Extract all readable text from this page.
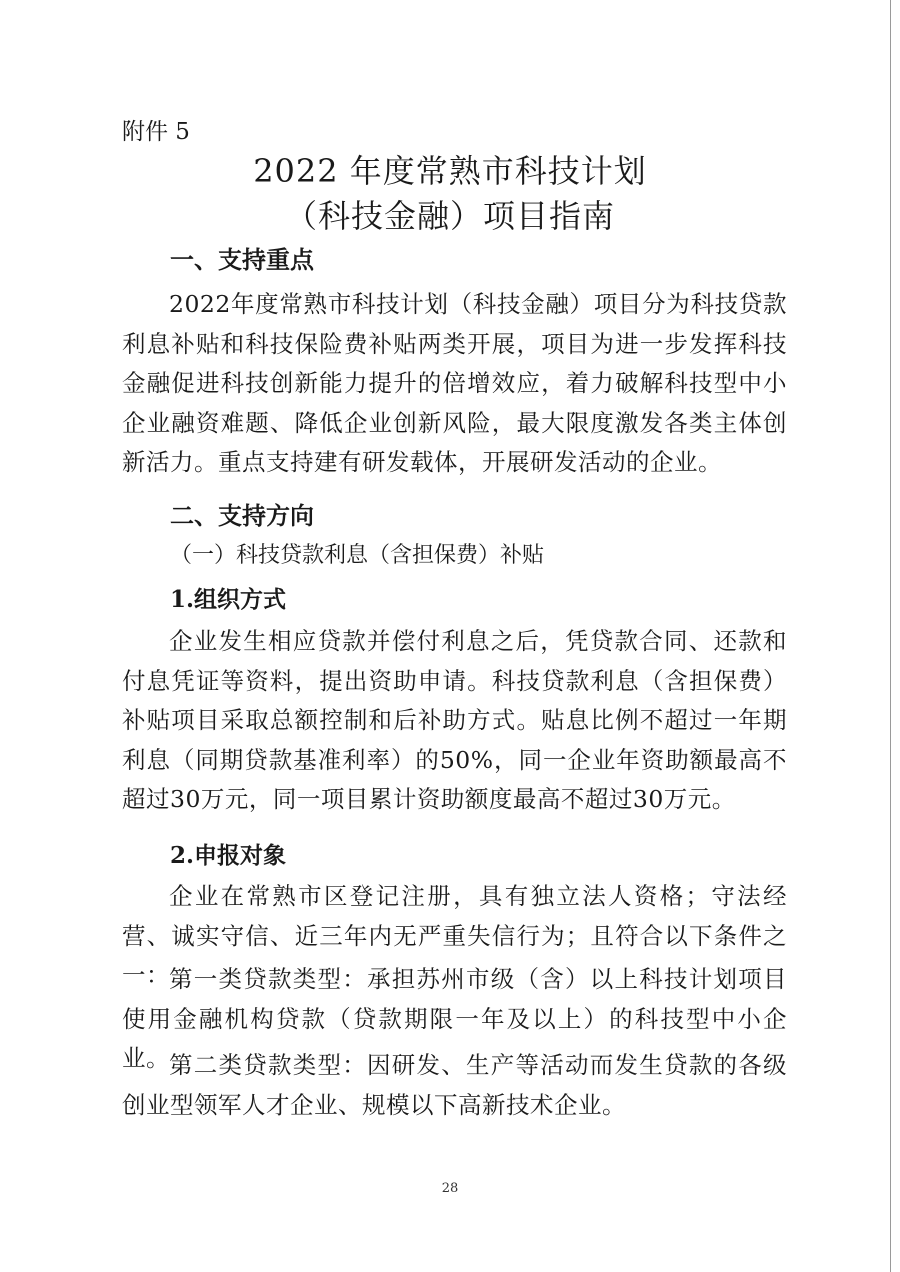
附件 5
2022 年度常熟市科技计划
（科技金融）项目指南
一、支持重点

2022年度常熟市科技计划（科技金融）项目分为科技贷款利息补贴和科技保险费补贴两类开展，项目为进一步发挥科技金融促进科技创新能力提升的倍增效应，着力破解科技型中小企业融资难题、降低企业创新风险，最大限度激发各类主体创新活力。重点支持建有研发载体，开展研发活动的企业。

二、支持方向
（一）科技贷款利息（含担保费）补贴
1.组织方式

企业发生相应贷款并偿付利息之后，凭贷款合同、还款和付息凭证等资料，提出资助申请。科技贷款利息（含担保费）补贴项目采取总额控制和后补助方式。贴息比例不超过一年期利息（同期贷款基准利率）的50%，同一企业年资助额最高不超过30万元，同一项目累计资助额度最高不超过30万元。

2.申报对象

企业在常熟市区登记注册，具有独立法人资格；守法经营、诚实守信、近三年内无严重失信行为；且符合以下条件之一： 第一类贷款类型：承担苏州市级（含）以上科技计划项目使用金融机构贷款（贷款期限一年及以上）的科技型中小企业。 第二类贷款类型：因研发、生产等活动而发生贷款的各级创业型领军人才企业、规模以下高新技术企业。

28
